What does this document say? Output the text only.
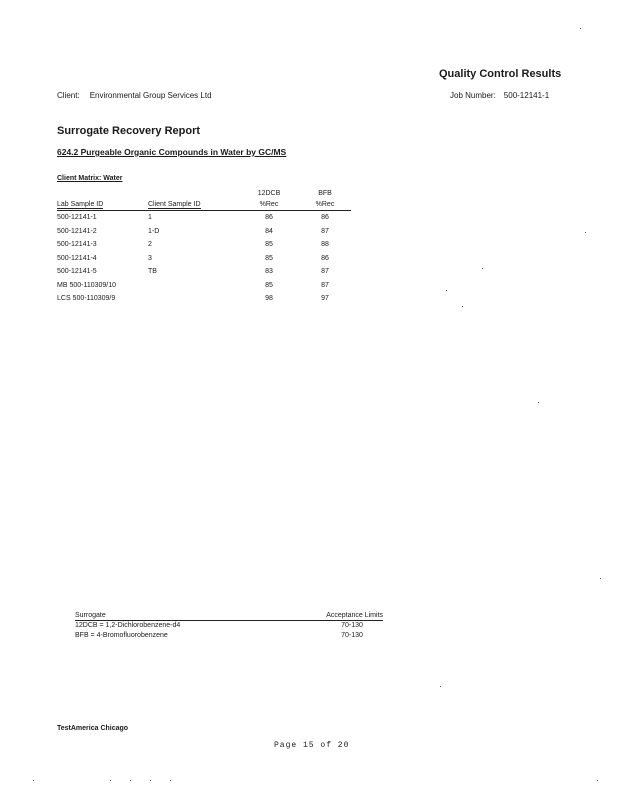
Quality Control Results
Client: Environmental Group Services Ltd	Job Number: 500-12141-1
Surrogate Recovery Report
624.2 Purgeable Organic Compounds in Water by GC/MS
Client Matrix: Water
		12DCB	BFB
Lab Sample ID	Client Sample ID	%Rec	%Rec
500-12141-1	1	86	86
500-12141-2	1-D	84	87
500-12141-3	2	85	88
500-12141-4	3	85	86
500-12141-5	TB	83	87
MB 500-110309/10		85	87
LCS 500-110309/9		98	97
Surrogate	Acceptance Limits
12DCB = 1,2-Dichlorobenzene-d4	70-130
BFB = 4-Bromofluorobenzene	70-130
TestAmerica Chicago
Page 15 of 20
